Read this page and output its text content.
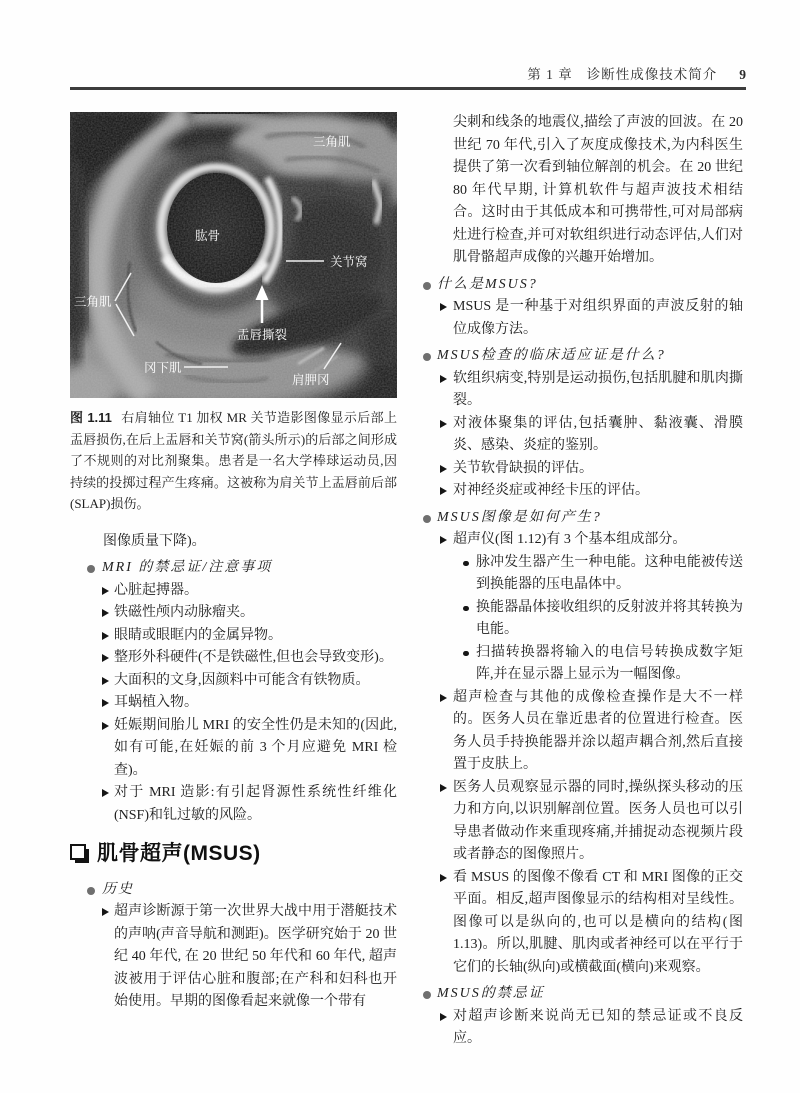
第 1 章 诊断性成像技术简介 9
三角肌
肱骨
关节窝
三角肌
盂唇撕裂
冈下肌
肩胛冈

图 1.11 右肩轴位 T1 加权 MR 关节造影图像显示后部上盂唇损伤,在后上盂唇和关节窝(箭头所示)的后部之间形成了不规则的对比剂聚集。患者是一名大学棒球运动员,因持续的投掷过程产生疼痛。这被称为肩关节上盂唇前后部(SLAP)损伤。

图像质量下降)。

MRI 的禁忌证/注意事项
心脏起搏器。
铁磁性颅内动脉瘤夹。
眼睛或眼眶内的金属异物。
整形外科硬件(不是铁磁性,但也会导致变形)。
大面积的文身,因颜料中可能含有铁物质。
耳蜗植入物。
妊娠期间胎儿 MRI 的安全性仍是未知的(因此,如有可能,在妊娠的前 3 个月应避免 MRI 检查)。
对于 MRI 造影:有引起肾源性系统性纤维化(NSF)和钆过敏的风险。
肌骨超声(MSUS)
历史
超声诊断源于第一次世界大战中用于潜艇技术的声呐(声音导航和测距)。医学研究始于 20 世纪 40 年代, 在 20 世纪 50 年代和 60 年代, 超声波被用于评估心脏和腹部;在产科和妇科也开始使用。早期的图像看起来就像一个带有

尖刺和线条的地震仪,描绘了声波的回波。在 20 世纪 70 年代,引入了灰度成像技术,为内科医生提供了第一次看到轴位解剖的机会。在 20 世纪 80 年代早期, 计算机软件与超声波技术相结合。这时由于其低成本和可携带性,可对局部病灶进行检查,并可对软组织进行动态评估,人们对肌骨骼超声成像的兴趣开始增加。

什么是MSUS?
MSUS 是一种基于对组织界面的声波反射的轴位成像方法。
MSUS检查的临床适应证是什么?
软组织病变,特别是运动损伤,包括肌腱和肌肉撕裂。
对液体聚集的评估,包括囊肿、黏液囊、滑膜炎、感染、炎症的鉴别。
关节软骨缺损的评估。
对神经炎症或神经卡压的评估。
MSUS图像是如何产生?
超声仪(图 1.12)有 3 个基本组成部分。
脉冲发生器产生一种电能。这种电能被传送到换能器的压电晶体中。
换能器晶体接收组织的反射波并将其转换为电能。
扫描转换器将输入的电信号转换成数字矩阵,并在显示器上显示为一幅图像。
超声检查与其他的成像检查操作是大不一样的。医务人员在靠近患者的位置进行检查。医务人员手持换能器并涂以超声耦合剂,然后直接置于皮肤上。
医务人员观察显示器的同时,操纵探头移动的压力和方向,以识别解剖位置。医务人员也可以引导患者做动作来重现疼痛,并捕捉动态视频片段或者静态的图像照片。
看 MSUS 的图像不像看 CT 和 MRI 图像的正交平面。相反,超声图像显示的结构相对呈线性。图像可以是纵向的,也可以是横向的结构(图 1.13)。所以,肌腱、肌肉或者神经可以在平行于它们的长轴(纵向)或横截面(横向)来观察。
MSUS的禁忌证
对超声诊断来说尚无已知的禁忌证或不良反应。
